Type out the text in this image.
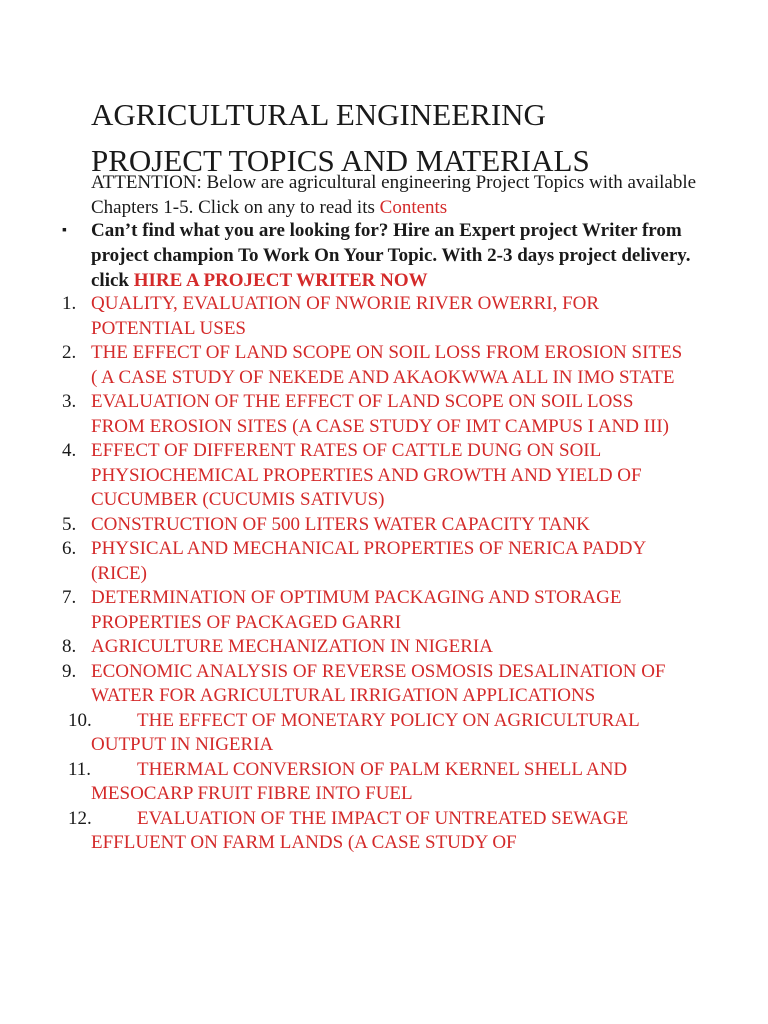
AGRICULTURAL ENGINEERING
PROJECT TOPICS AND MATERIALS
ATTENTION: Below are agricultural engineering Project Topics with available Chapters 1-5. Click on any to read its Contents
▪	Can’t find what you are looking for? Hire an Expert project Writer from project champion To Work On Your Topic. With 2-3 days project delivery. click HIRE A PROJECT WRITER NOW
1. QUALITY, EVALUATION OF NWORIE RIVER OWERRI, FOR POTENTIAL USES
2. THE EFFECT OF LAND SCOPE ON SOIL LOSS FROM EROSION SITES ( A CASE STUDY OF NEKEDE AND AKAOKWWA ALL IN IMO STATE
3. EVALUATION OF THE EFFECT OF LAND SCOPE ON SOIL LOSS FROM EROSION SITES (A CASE STUDY OF IMT CAMPUS I AND III)
4. EFFECT OF DIFFERENT RATES OF CATTLE DUNG ON SOIL PHYSIOCHEMICAL PROPERTIES AND GROWTH AND YIELD OF CUCUMBER (CUCUMIS SATIVUS)
5. CONSTRUCTION OF 500 LITERS WATER CAPACITY TANK
6. PHYSICAL AND MECHANICAL PROPERTIES OF NERICA PADDY (RICE)
7. DETERMINATION OF OPTIMUM PACKAGING AND STORAGE PROPERTIES OF PACKAGED GARRI
8. AGRICULTURE MECHANIZATION IN NIGERIA
9. ECONOMIC ANALYSIS OF REVERSE OSMOSIS DESALINATION OF WATER FOR AGRICULTURAL IRRIGATION APPLICATIONS
10.	THE EFFECT OF MONETARY POLICY ON AGRICULTURAL OUTPUT IN NIGERIA
11.	THERMAL CONVERSION OF PALM KERNEL SHELL AND MESOCARP FRUIT FIBRE INTO FUEL
12.	EVALUATION OF THE IMPACT OF UNTREATED SEWAGE EFFLUENT ON FARM LANDS (A CASE STUDY OF
